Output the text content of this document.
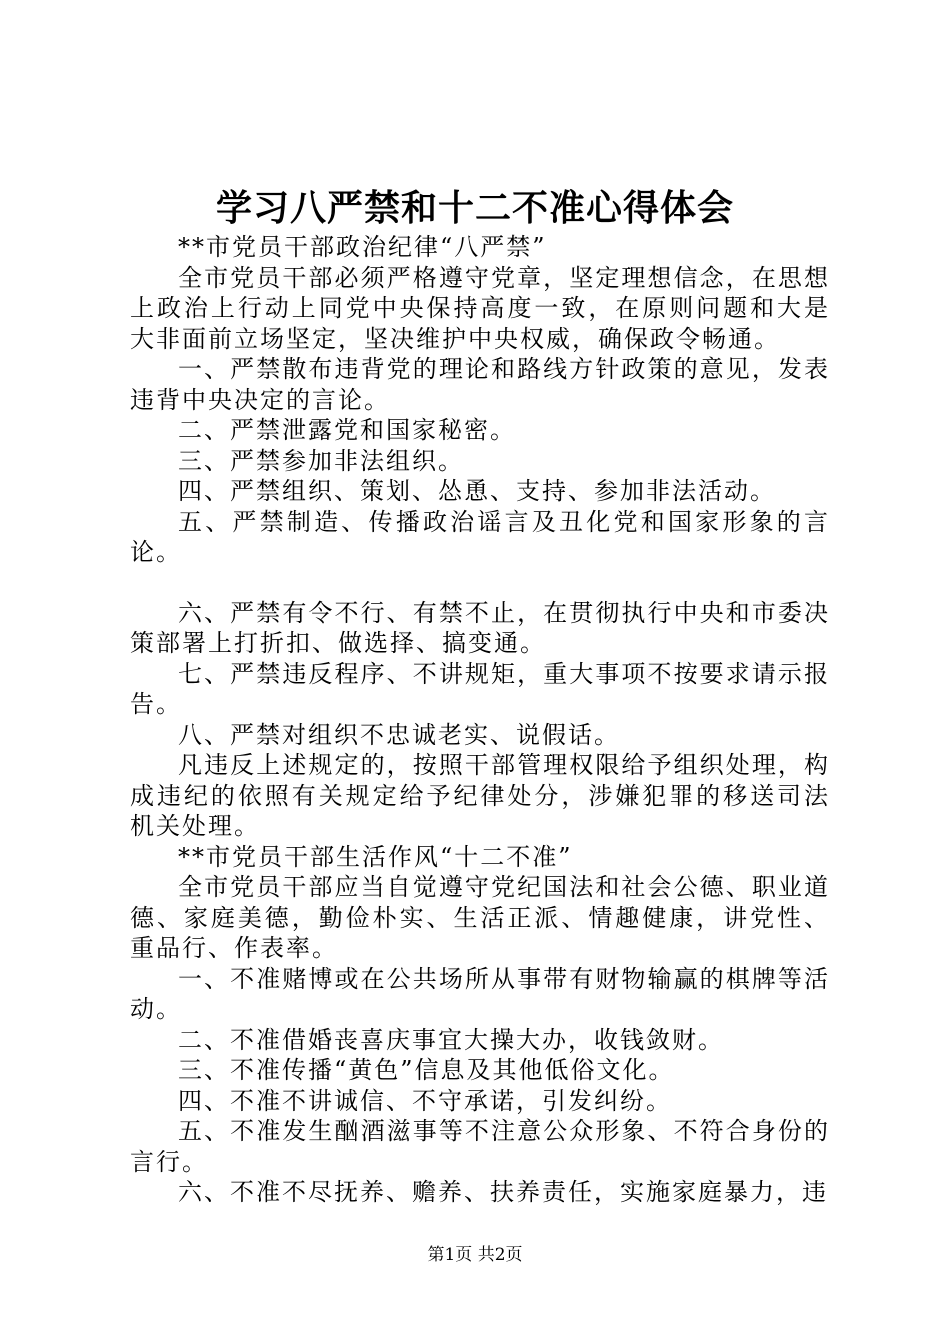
学习八严禁和十二不准心得体会

**市党员干部政治纪律“八严禁”

全市党员干部必须严格遵守党章，坚定理想信念，在思想上政治上行动上同党中央保持高度一致，在原则问题和大是大非面前立场坚定，坚决维护中央权威，确保政令畅通。

一、严禁散布违背党的理论和路线方针政策的意见，发表违背中央决定的言论。

二、严禁泄露党和国家秘密。

三、严禁参加非法组织。

四、严禁组织、策划、怂恿、支持、参加非法活动。

五、严禁制造、传播政治谣言及丑化党和国家形象的言论。

六、严禁有令不行、有禁不止，在贯彻执行中央和市委决策部署上打折扣、做选择、搞变通。

七、严禁违反程序、不讲规矩，重大事项不按要求请示报告。

八、严禁对组织不忠诚老实、说假话。

凡违反上述规定的，按照干部管理权限给予组织处理，构成违纪的依照有关规定给予纪律处分，涉嫌犯罪的移送司法机关处理。

**市党员干部生活作风“十二不准”

全市党员干部应当自觉遵守党纪国法和社会公德、职业道德、家庭美德，勤俭朴实、生活正派、情趣健康，讲党性、重品行、作表率。

一、不准赌博或在公共场所从事带有财物输赢的棋牌等活动。

二、不准借婚丧喜庆事宜大操大办，收钱敛财。

三、不准传播“黄色”信息及其他低俗文化。

四、不准不讲诚信、不守承诺，引发纠纷。

五、不准发生酗酒滋事等不注意公众形象、不符合身份的言行。

六、不准不尽抚养、赡养、扶养责任，实施家庭暴力，违

第1页 共2页
